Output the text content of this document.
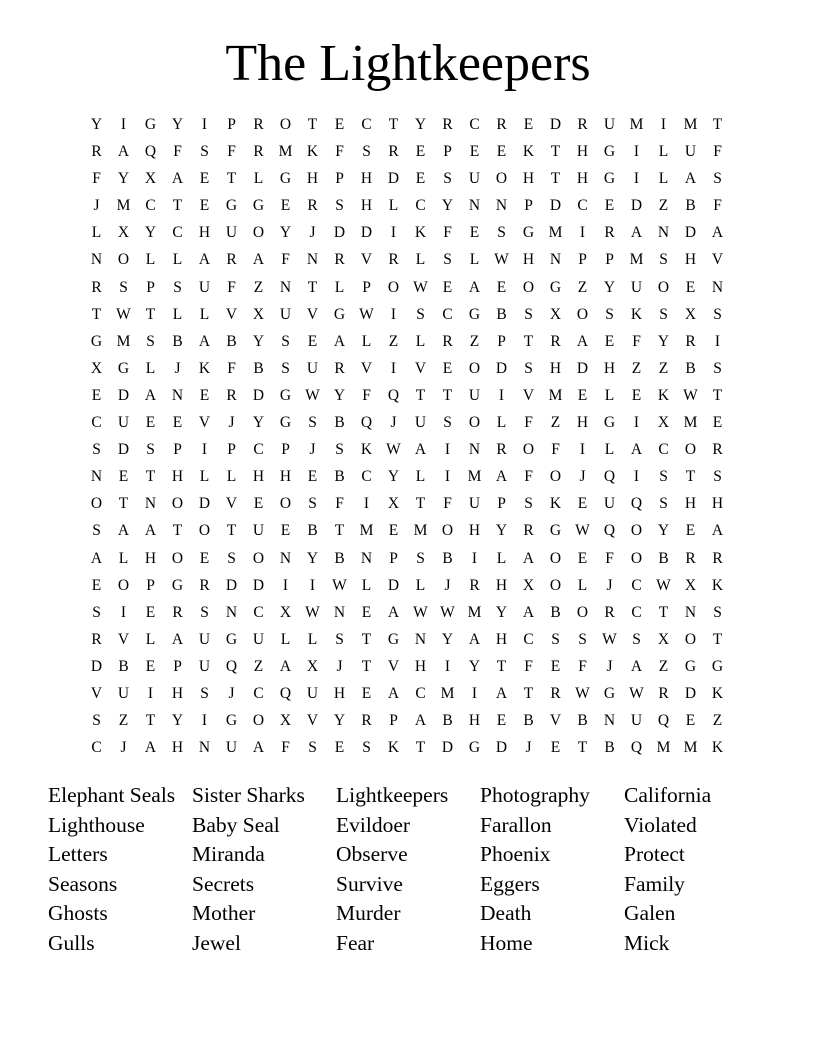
The Lightkeepers
Y	I	G	Y	I	P	R	O	T	E	C	T	Y	R	C	R	E	D	R	U M	I	M T
R	A	Q	F	S	F	R M K	F	S	R	E	P	E	E	K	T	H	G	I	L	U	F
F	Y	X	A	E	T	L	G	H	P	H	D	E	S	U	O	H	T	H	G	I	L	A	S
J	M C	T	E	G	G	E	R	S	H	L	C	Y	N	N	P	D	C	E	D	Z	B	F
L	X	Y	C	H	U	O	Y	J	D	D	I	K	F	E	S	G M	I	R	A	N	D	A
N	O	L	L	A	R	A	F	N	R	V	R	L	S	L W H	N	P	P	M	S	H	V
R	S	P	S	U	F	Z	N	T	L	P	O W E	A	E	O	G	Z	Y	U	O	E	N
T W T	L	L	V	X	U	V	G W	I	S	C	G	B	S	X	O	S	K	S	X	S
G M	S	B	A	B	Y	S	E	A	L	Z	L	R	Z	P	T	R	A	E	F	Y	R	I
X	G	L	J	K	F	B	S	U	R	V	I	V	E	O	D	S	H	D	H	Z	Z	B	S
E	D	A	N	E	R	D	G W Y	F	Q	T	T	U	I	V M E	L	E	K W T
C	U	E	E	V	J	Y	G	S	B	Q	J	U	S	O	L	F	Z	H	G	I	X M E
S	D	S	P	I	P	C	P	J	S	K W A	I	N	R	O	F	I	L	A	C	O	R
N	E	T	H	L	L	H	H	E	B	C	Y	L	I	M A	F	O	J	Q	I	S	T	S
O	T	N	O	D	V	E	O	S	F	I	X	T	F	U	P	S	K	E	U	Q	S	H	H
S	A	A	T	O	T	U	E	B	T M E M O	H	Y	R	G W Q	O	Y	E	A
A	L	H	O	E	S	O	N	Y	B	N	P	S	B	I	L	A	O	E	F	O	B	R	R
E	O	P	G	R	D	D	I	I	W L	D	L	J	R	H	X	O	L	J	C W X	K
S	I	E	R	S	N	C	X W N	E	A W W M Y	A	B	O	R	C	T	N	S
R	V	L	A	U	G	U	L	L	S	T	G	N	Y	A	H	C	S	S W S	X	O	T
D	B	E	P	U	Q	Z	A	X	J	T	V	H	I	Y	T	F	E	F	J	A	Z	G	G
V	U	I	H	S	J	C	Q	U	H	E	A	C M	I	A	T	R W G W R	D	K
S	Z	T	Y	I	G	O	X	V	Y	R	P	A	B	H	E	B	V	B	N	U	Q	E	Z
C	J	A	H	N	U	A	F	S	E	S	K	T	D	G	D	J	E	T	B	Q M M K
Elephant Seals
Lighthouse
Letters
Seasons
Ghosts
Gulls
Sister Sharks
Baby Seal
Miranda
Secrets
Mother
Jewel
Lightkeepers
Evildoer
Observe
Survive
Murder
Fear
Photography
Farallon
Phoenix
Eggers
Death
Home
California
Violated
Protect
Family
Galen
Mick
